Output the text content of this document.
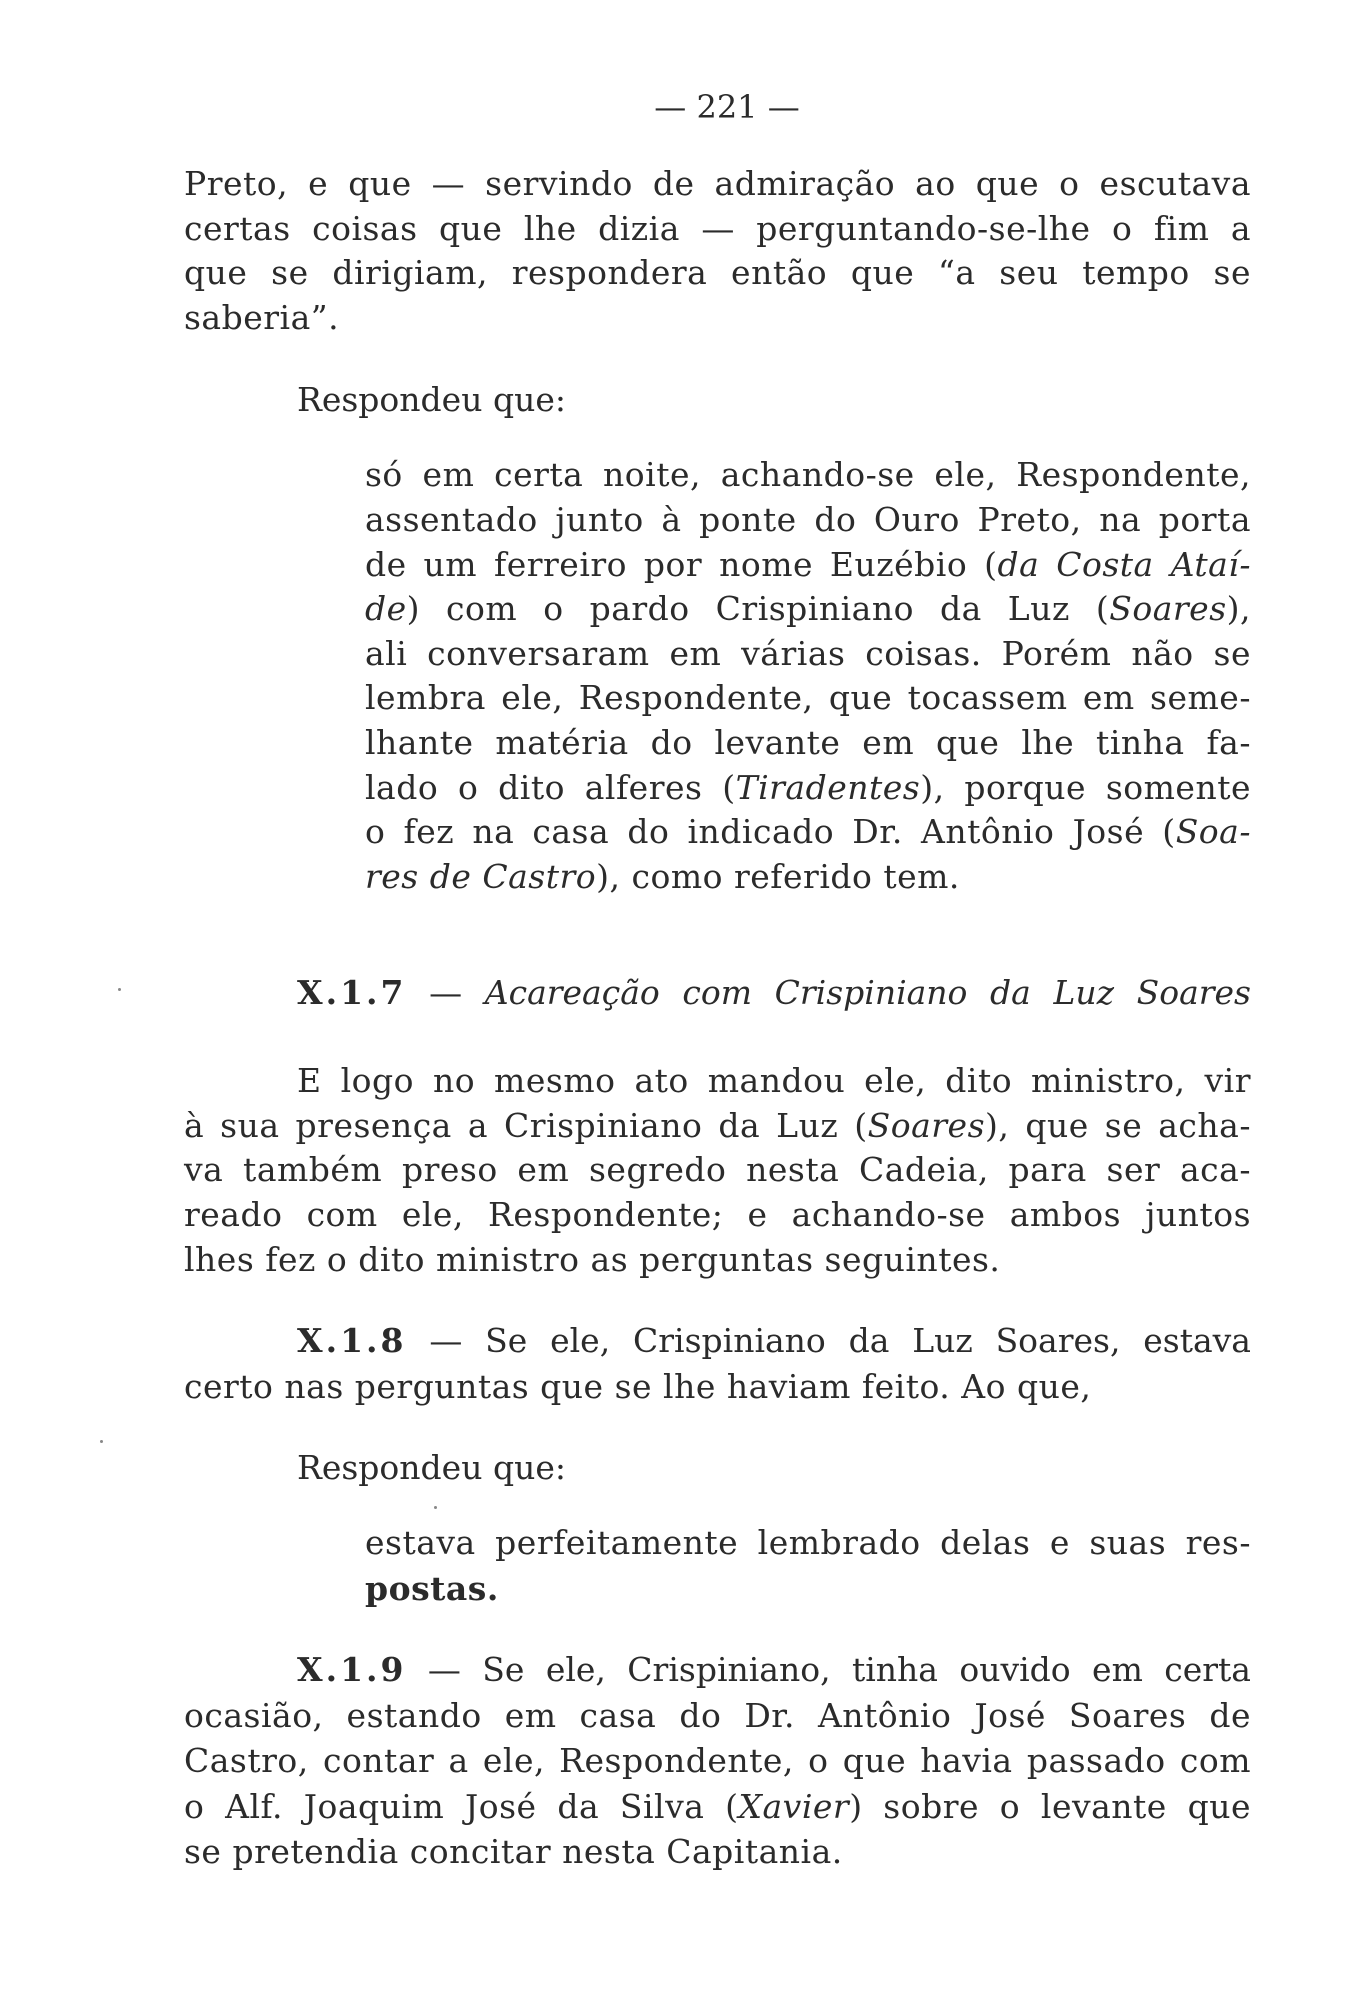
— 221 —
Preto, e que — servindo de admiração ao que o escutava
certas coisas que lhe dizia — perguntando-se-lhe o fim a
que se dirigiam, respondera então que “a seu tempo se
saberia”.
Respondeu que:
só em certa noite, achando-se ele, Respondente,
assentado junto à ponte do Ouro Preto, na porta
de um ferreiro por nome Euzébio (da Costa Ataí-
de) com o pardo Crispiniano da Luz (Soares),
ali conversaram em várias coisas. Porém não se
lembra ele, Respondente, que tocassem em seme-
lhante matéria do levante em que lhe tinha fa-
lado o dito alferes (Tiradentes), porque somente
o fez na casa do indicado Dr. Antônio José (Soa-
res de Castro), como referido tem.
X.1.7 — Acareação com Crispiniano da Luz Soares
E logo no mesmo ato mandou ele, dito ministro, vir
à sua presença a Crispiniano da Luz (Soares), que se acha-
va também preso em segredo nesta Cadeia, para ser aca-
reado com ele, Respondente; e achando-se ambos juntos
lhes fez o dito ministro as perguntas seguintes.
X.1.8 — Se ele, Crispiniano da Luz Soares, estava
certo nas perguntas que se lhe haviam feito. Ao que,
Respondeu que:
estava perfeitamente lembrado delas e suas res-
postas.
X.1.9 — Se ele, Crispiniano, tinha ouvido em certa
ocasião, estando em casa do Dr. Antônio José Soares de
Castro, contar a ele, Respondente, o que havia passado com
o Alf. Joaquim José da Silva (Xavier) sobre o levante que
se pretendia concitar nesta Capitania.
